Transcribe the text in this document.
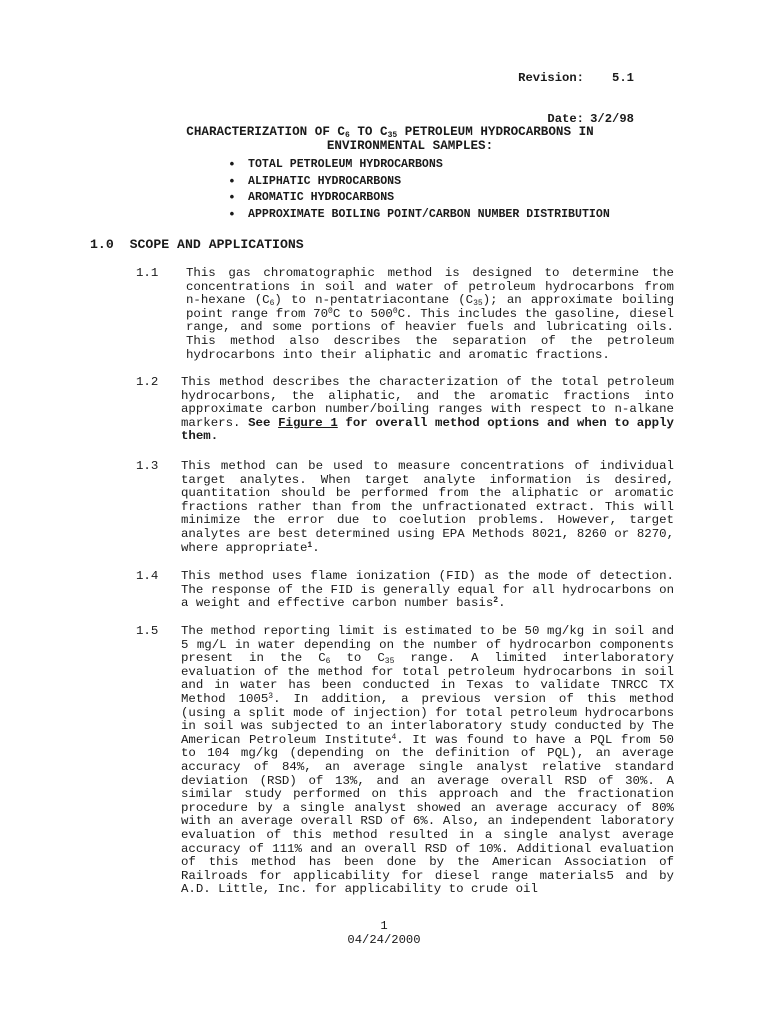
Revision:	5.1

Date: 3/2/98

CHARACTERIZATION OF $C_6$ TO $C_{35}$ PETROLEUM HYDROCARBONS IN
ENVIRONMENTAL SAMPLES:
•	TOTAL PETROLEUM HYDROCARBONS
•	ALIPHATIC HYDROCARBONS
•	AROMATIC HYDROCARBONS
•	APPROXIMATE BOILING POINT/CARBON NUMBER DISTRIBUTION
1.0 SCOPE AND APPLICATIONS
1.1 This gas chromatographic method is designed to determine the concentrations in soil and water of petroleum hydrocarbons from n-hexane $(C_6)$ to n-pentatriacontane $(C_{35})$; an approximate boiling point range from $70^0C$ to $500^0C$. This includes the gasoline, diesel range, and some portions of heavier fuels and lubricating oils. This method also describes the separation of the petroleum hydrocarbons into their aliphatic and aromatic fractions.
1.2 This method describes the characterization of the total petroleum hydrocarbons, the aliphatic, and the aromatic fractions into approximate carbon number/boiling ranges with respect to n-alkane markers. See Figure 1 for overall method options and when to apply them.
1.3 This method can be used to measure concentrations of individual target analytes. When target analyte information is desired, quantitation should be performed from the aliphatic or aromatic fractions rather than from the unfractionated extract. This will minimize the error due to coelution problems. However, target analytes are best determined using EPA Methods 8021, 8260 or 8270, where appropriate$^1$.
1.4 This method uses flame ionization (FID) as the mode of detection. The response of the FID is generally equal for all hydrocarbons on a weight and effective carbon number basis$^2$.
1.5 The method reporting limit is estimated to be 50 mg/kg in soil and 5 mg/L in water depending on the number of hydrocarbon components present in the $C_6$ to $C_{35}$ range. A limited interlaboratory evaluation of the method for total petroleum hydrocarbons in soil and in water has been conducted in Texas to validate TNRCC TX Method 1005$^3$. In addition, a previous version of this method (using a split mode of injection) for total petroleum hydrocarbons in soil was subjected to an interlaboratory study conducted by The American Petroleum Institute$^4$. It was found to have a PQL from 50 to 104 mg/kg (depending on the definition of PQL), an average accuracy of 84%, an average single analyst relative standard deviation (RSD) of 13%, and an average overall RSD of 30%. A similar study performed on this approach and the fractionation procedure by a single analyst showed an average accuracy of 80% with an average overall RSD of 6%. Also, an independent laboratory evaluation of this method resulted in a single analyst average accuracy of 111% and an overall RSD of 10%. Additional evaluation of this method has been done by the American Association of Railroads for applicability for diesel range materials5 and by A.D. Little, Inc. for applicability to crude oil
1
04/24/2000
